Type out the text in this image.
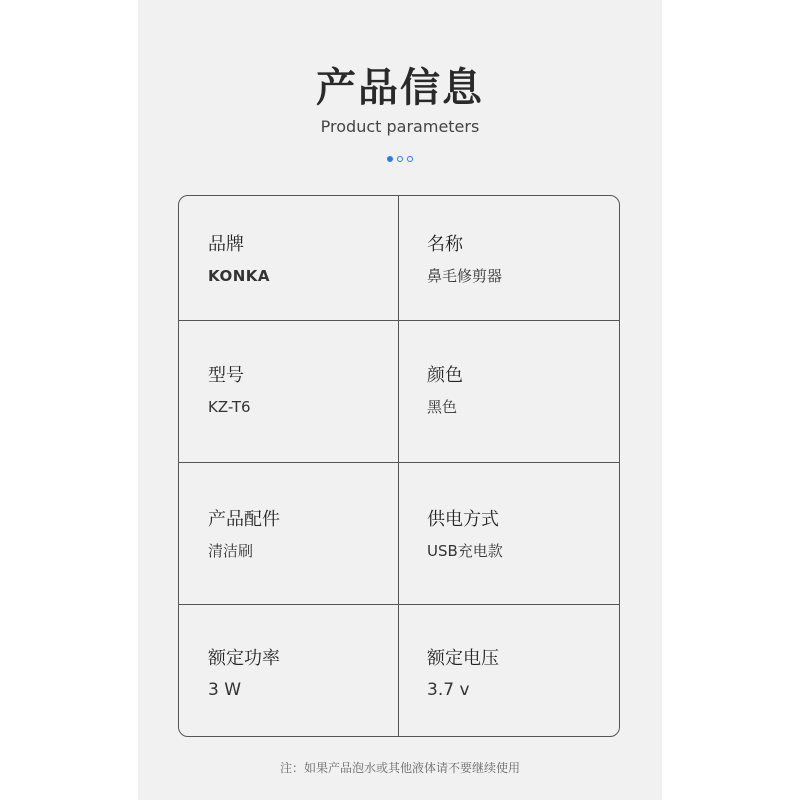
产品信息
Product parameters
注：如果产品泡水或其他液体请不要继续使用
品牌
KONKA
名称
鼻毛修剪器
型号
KZ-T6
颜色
黑色
产品配件
清洁刷
供电方式
USB充电款
额定功率
3 W
额定电压
3.7 v
